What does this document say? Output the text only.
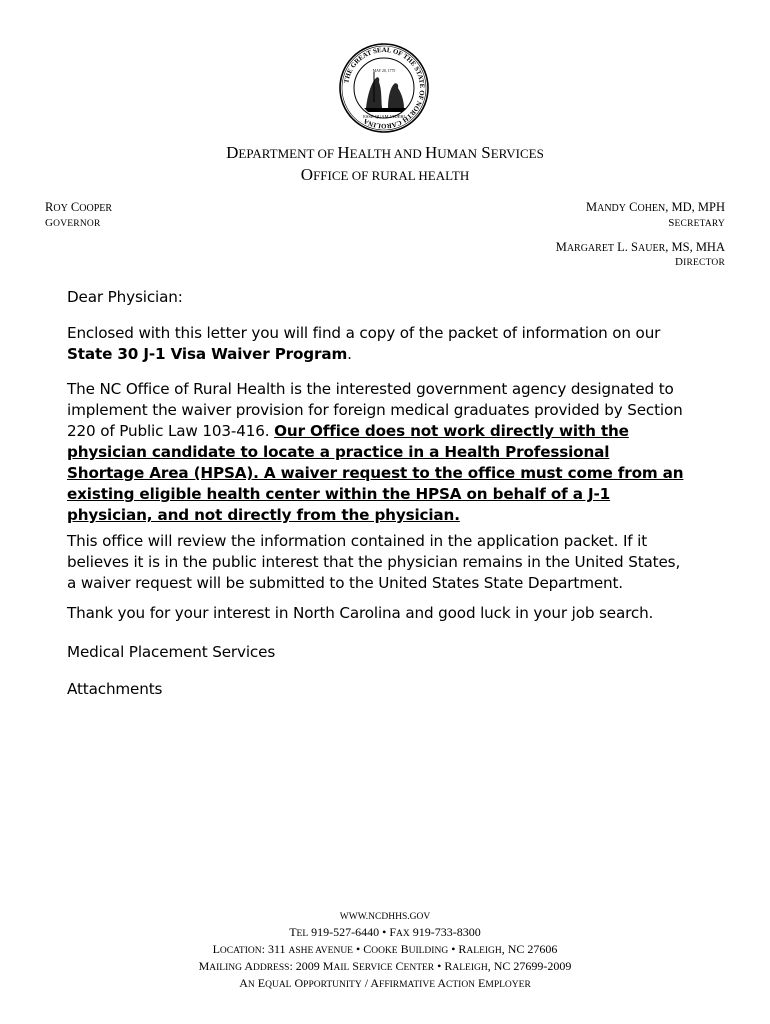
THE GREAT SEAL OF THE STATE OF NORTH CAROLINA
ESSE QUAM VIDERI
MAY 20, 1775
DEPARTMENT OF HEALTH AND HUMAN SERVICES
OFFICE OF RURAL HEALTH
ROY COOPER
GOVERNOR
MANDY COHEN, MD, MPH
SECRETARY
MARGARET L. SAUER, MS, MHA
DIRECTOR

Dear Physician:

Enclosed with this letter you will find a copy of the packet of information on our State 30 J-1 Visa Waiver Program.

The NC Office of Rural Health is the interested government agency designated to implement the waiver provision for foreign medical graduates provided by Section 220 of Public Law 103-416. Our Office does not work directly with the physician candidate to locate a practice in a Health Professional Shortage Area (HPSA). A waiver request to the office must come from an existing eligible health center within the HPSA on behalf of a J-1 physician, and not directly from the physician.

This office will review the information contained in the application packet. If it believes it is in the public interest that the physician remains in the United States, a waiver request will be submitted to the United States State Department.

Thank you for your interest in North Carolina and good luck in your job search.

Medical Placement Services

Attachments

WWW.NCDHHS.GOV
TEL 919-527-6440 • FAX 919-733-8300
LOCATION: 311 ASHE AVENUE • COOKE BUILDING • RALEIGH, NC 27606
MAILING ADDRESS: 2009 MAIL SERVICE CENTER • RALEIGH, NC 27699-2009
AN EQUAL OPPORTUNITY / AFFIRMATIVE ACTION EMPLOYER
